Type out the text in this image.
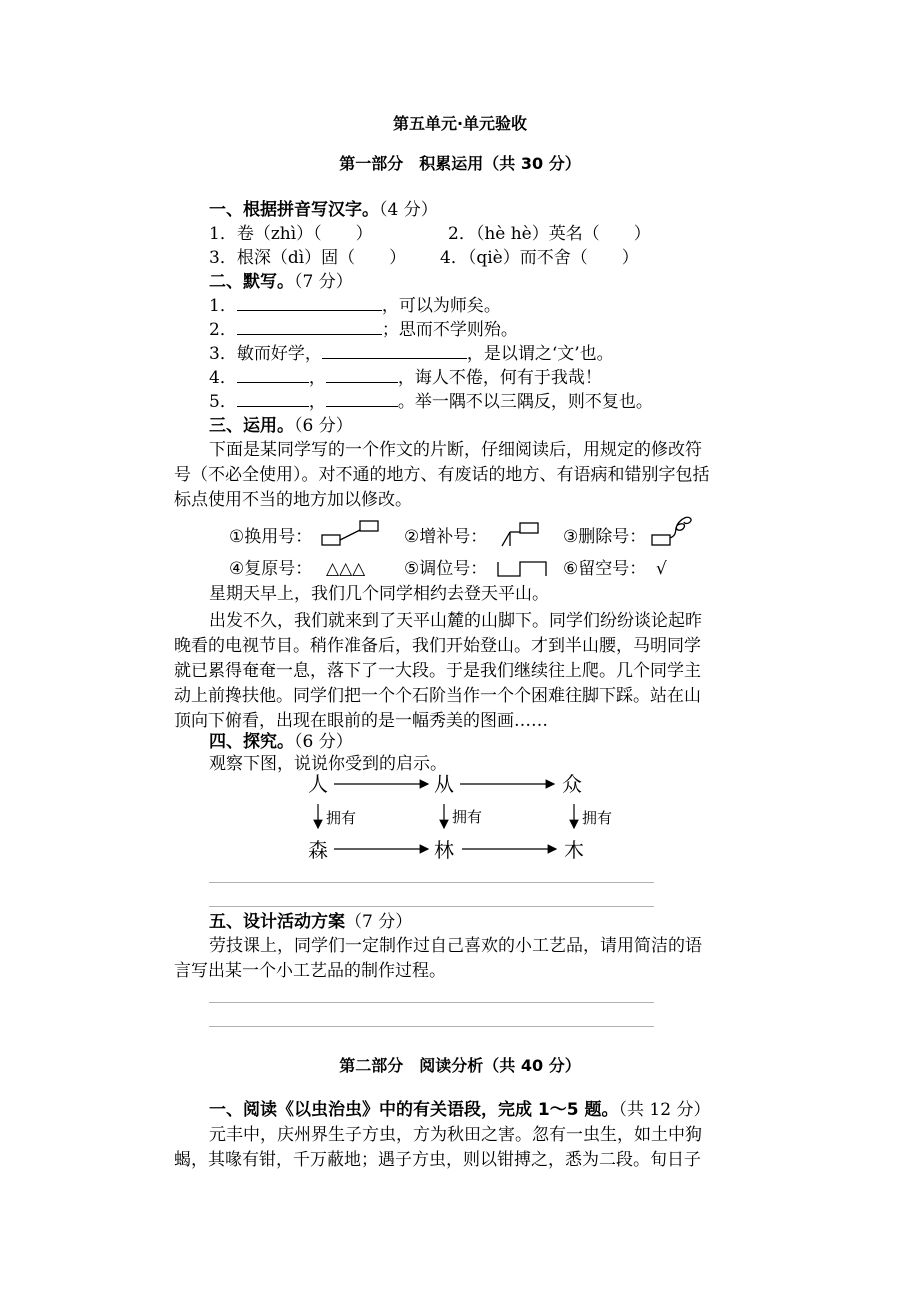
第五单元·单元验收
第一部分　积累运用（共 30 分）
一、根据拼音写汉字。（4 分）
1．卷（zhì）（　　）	2．（hè hè）英名（　　）
3．根深（dì）固（　　） 4．（qiè）而不舍（　　）
二、默写。（7 分）
1．	，可以为师矣。
2．	；思而不学则殆。
3．敏而好学，	，是以谓之‘文’也。
4．	，	，诲人不倦，何有于我哉！
5．	，	。举一隅不以三隅反，则不复也。
三、运用。（6 分）
下面是某同学写的一个作文的片断，仔细阅读后，用规定的修改符
号（不必全使用）。对不通的地方、有废话的地方、有语病和错别字包括
标点使用不当的地方加以修改。
①换用号：	②增补号：	③删除号：
④复原号： △△△ ⑤调位号：	⑥留空号： √
星期天早上，我们几个同学相约去登天平山。
出发不久，我们就来到了天平山麓的山脚下。同学们纷纷谈论起昨
晚看的电视节目。稍作准备后，我们开始登山。才到半山腰，马明同学
就已累得奄奄一息，落下了一大段。于是我们继续往上爬。几个同学主
动上前搀扶他。同学们把一个个石阶当作一个个困难往脚下踩。站在山
顶向下俯看，出现在眼前的是一幅秀美的图画……
四、探究。（6 分）
观察下图，说说你受到的启示。
人	从	众
拥有	拥有	拥有
森	林	木
五、设计活动方案（7 分）
劳技课上，同学们一定制作过自己喜欢的小工艺品，请用简洁的语
言写出某一个小工艺品的制作过程。
第二部分　阅读分析（共 40 分）
一、阅读《以虫治虫》中的有关语段，完成 1～5 题。（共 12 分）
元丰中，庆州界生子方虫，方为秋田之害。忽有一虫生，如土中狗
蝎，其喙有钳，千万蔽地；遇子方虫，则以钳搏之，悉为二段。旬日子
